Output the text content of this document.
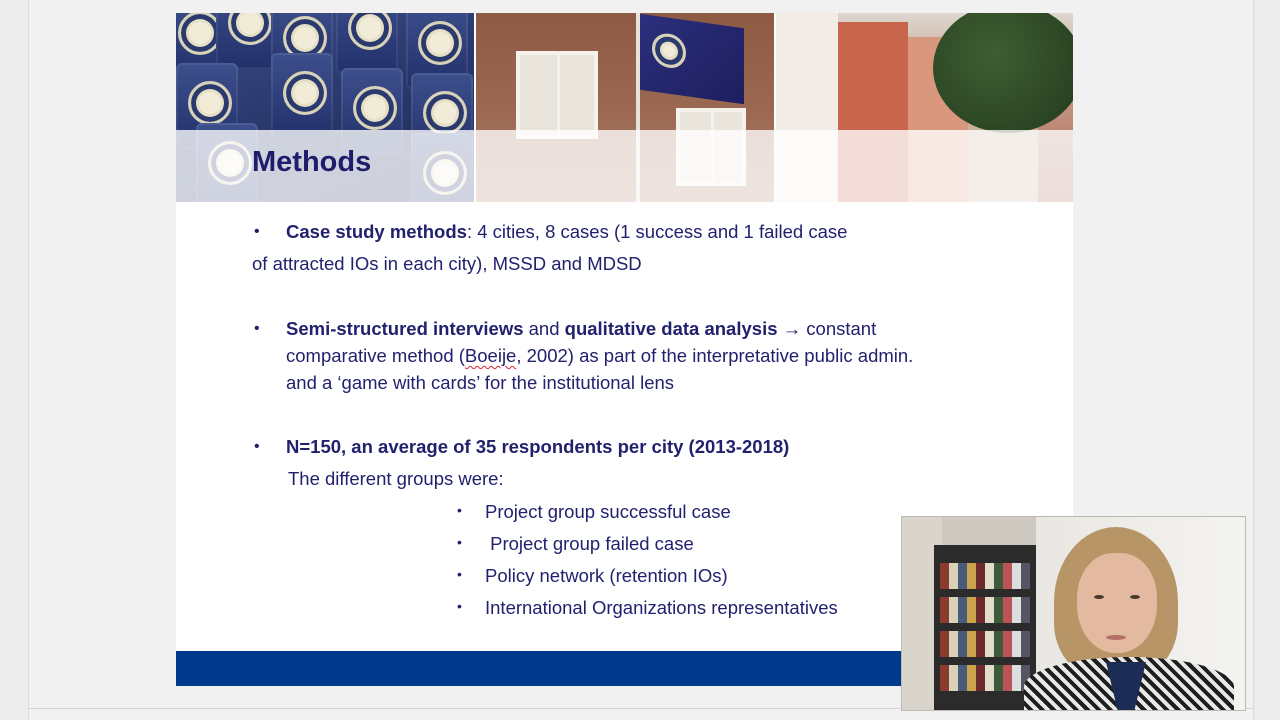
Methods
• Case study methods: 4 cities, 8 cases (1 success and 1 failed case
of attracted IOs in each city), MSSD and MDSD
• Semi-structured interviews and qualitative data analysis → constant
comparative method (Boeije, 2002) as part of the interpretative public admin.
and a ‘game with cards’ for the institutional lens
• N=150, an average of 35 respondents per city (2013-2018)
The different groups were:
• Project group successful case
• Project group failed case
• Policy network (retention IOs)
• International Organizations representatives
